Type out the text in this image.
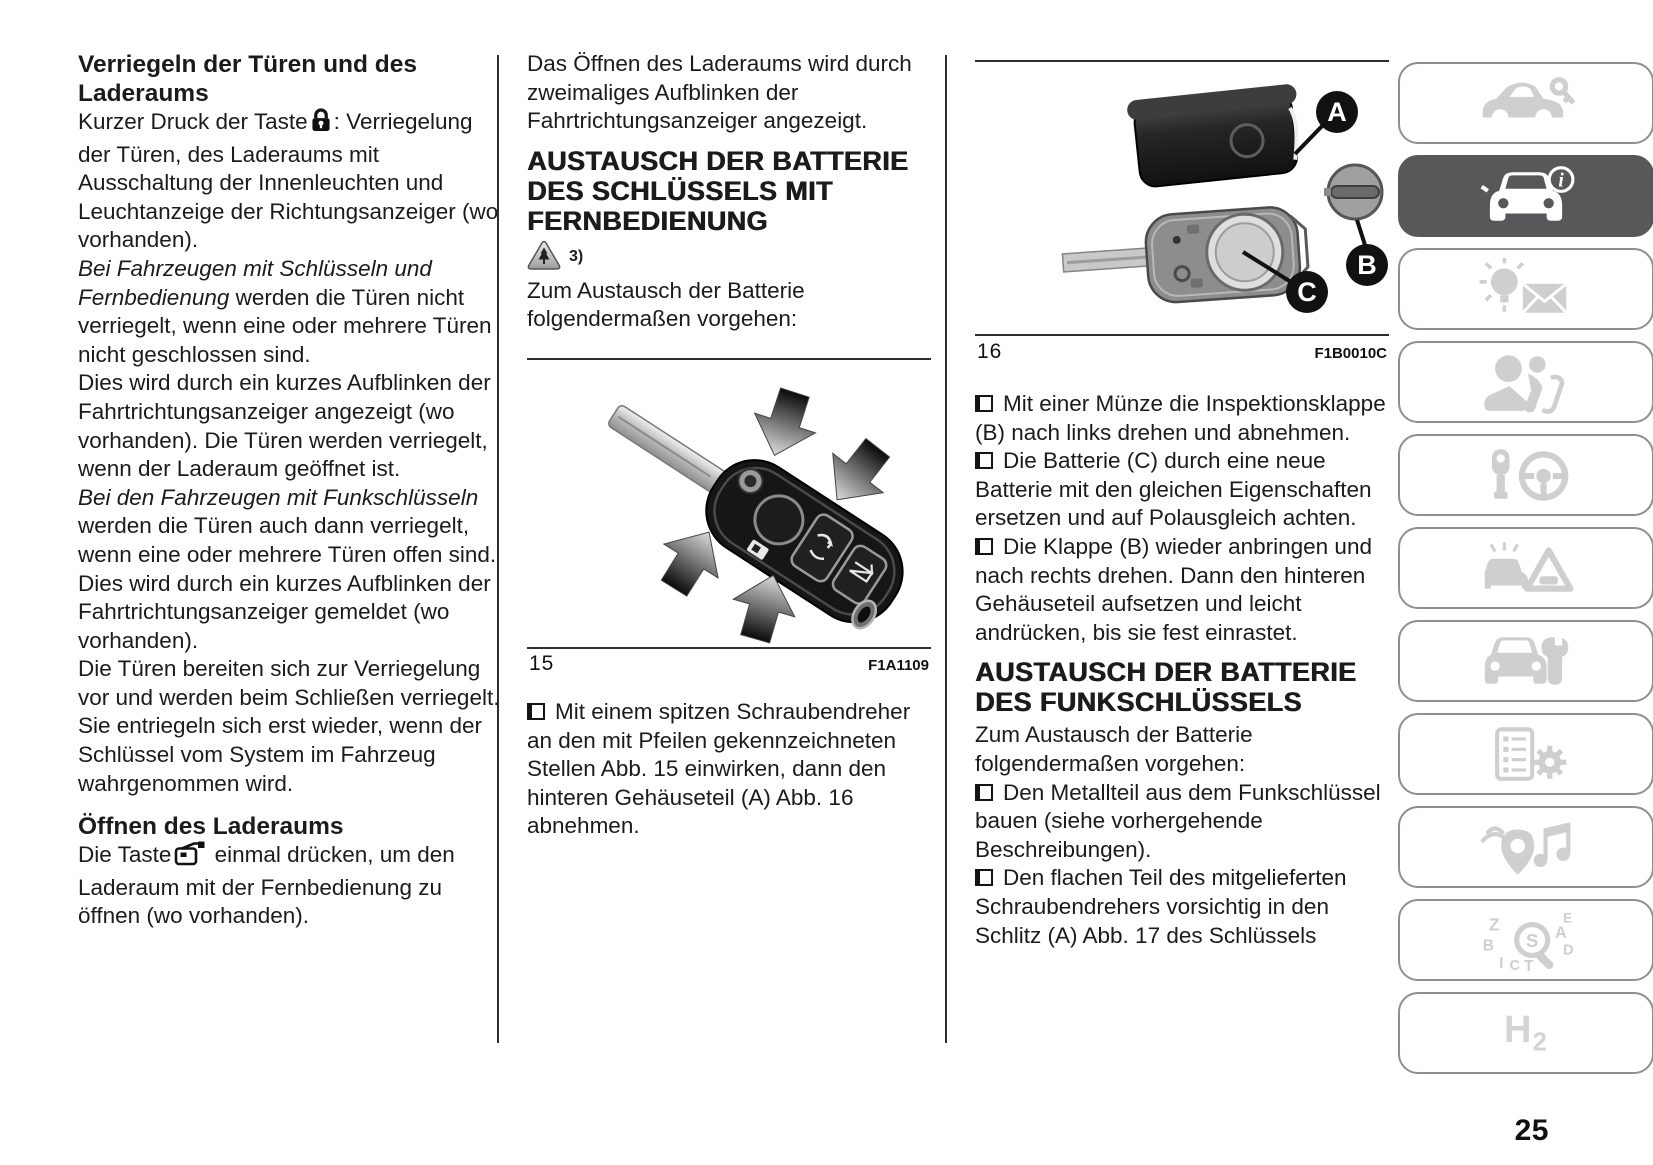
Verriegeln der Türen und des Laderaums

Kurzer Druck der Taste : Verriegelung der Türen, des Laderaums mit Ausschaltung der Innenleuchten und Leuchtanzeige der Richtungsanzeiger (wo vorhanden).

Bei Fahrzeugen mit Schlüsseln und Fernbedienung werden die Türen nicht verriegelt, wenn eine oder mehrere Türen nicht geschlossen sind.

Dies wird durch ein kurzes Aufblinken der Fahrtrichtungsanzeiger angezeigt (wo vorhanden). Die Türen werden verriegelt, wenn der Laderaum geöffnet ist.

Bei den Fahrzeugen mit Funkschlüsseln werden die Türen auch dann verriegelt, wenn eine oder mehrere Türen offen sind. Dies wird durch ein kurzes Aufblinken der Fahrtrichtungsanzeiger gemeldet (wo vorhanden).

Die Türen bereiten sich zur Verriegelung vor und werden beim Schließen verriegelt. Sie entriegeln sich erst wieder, wenn der Schlüssel vom System im Fahrzeug wahrgenommen wird.

Öffnen des Laderaums

Die Taste einmal drücken, um den Laderaum mit der Fernbedienung zu öffnen (wo vorhanden).

Das Öffnen des Laderaums wird durch zweimaliges Aufblinken der Fahrtrichtungsanzeiger angezeigt.

AUSTAUSCH DER BATTERIE DES SCHLÜSSELS MIT FERNBEDIENUNG
3)

Zum Austausch der Batterie folgendermaßen vorgehen:

15	F1A1109

Mit einem spitzen Schraubendreher an den mit Pfeilen gekennzeichneten Stellen Abb. 15 einwirken, dann den hinteren Gehäuseteil (A) Abb. 16 abnehmen.

A
B
C
16	F1B0010C

Mit einer Münze die Inspektionsklappe (B) nach links drehen und abnehmen.

Die Batterie (C) durch eine neue Batterie mit den gleichen Eigenschaften ersetzen und auf Polausgleich achten.

Die Klappe (B) wieder anbringen und nach rechts drehen. Dann den hinteren Gehäuseteil aufsetzen und leicht andrücken, bis sie fest einrastet.

AUSTAUSCH DER BATTERIE DES FUNKSCHLÜSSELS

Zum Austausch der Batterie folgendermaßen vorgehen:

Den Metallteil aus dem Funkschlüssel bauen (siehe vorhergehende Beschreibungen).

Den flachen Teil des mitgelieferten Schraubendrehers vorsichtig in den Schlitz (A) Abb. 17 des Schlüssels

i
Z
B
I C T
A
E
D
S
$H_2$
25
